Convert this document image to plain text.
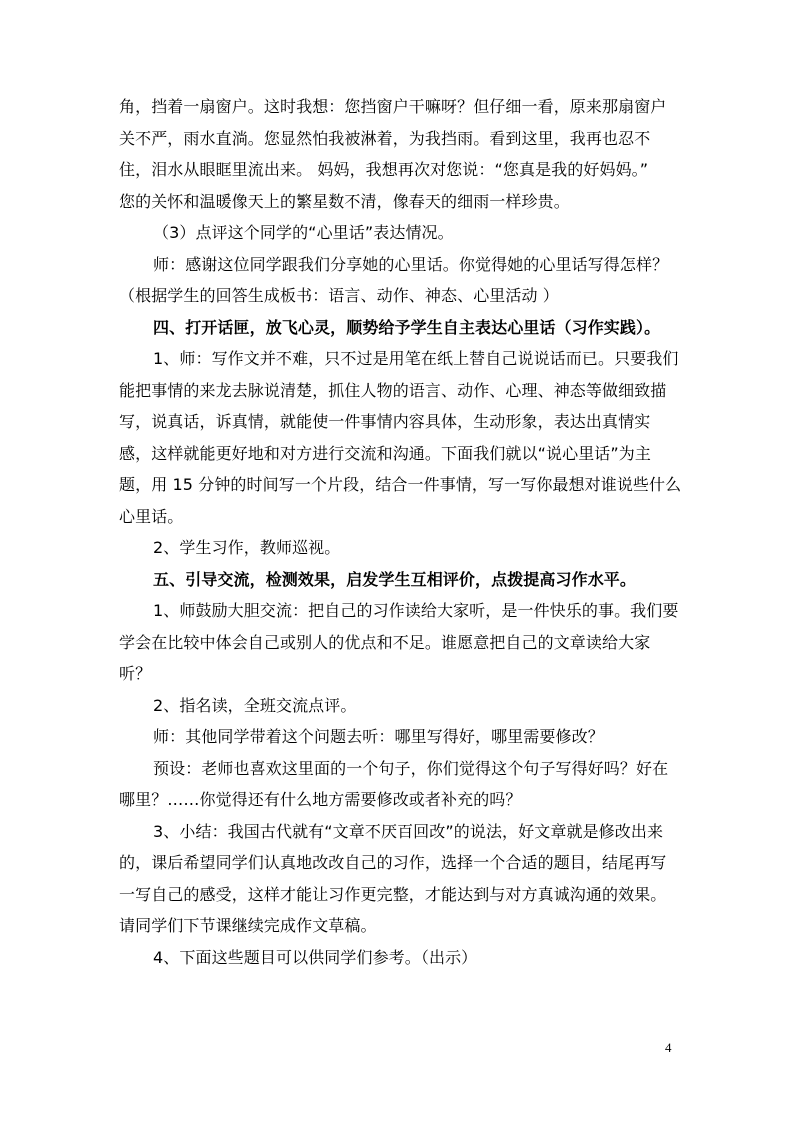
角，挡着一扇窗户。这时我想：您挡窗户干嘛呀？但仔细一看，原来那扇窗户
关不严，雨水直淌。您显然怕我被淋着，为我挡雨。看到这里，我再也忍不
住，泪水从眼眶里流出来。 妈妈，我想再次对您说：“您真是我的好妈妈。”
您的关怀和温暖像天上的繁星数不清，像春天的细雨一样珍贵。
（3）点评这个同学的“心里话”表达情况。
师：感谢这位同学跟我们分享她的心里话。你觉得她的心里话写得怎样？
（根据学生的回答生成板书：语言、动作、神态、心里活动 ）
四、打开话匣，放飞心灵，顺势给予学生自主表达心里话（习作实践）。
1、师：写作文并不难，只不过是用笔在纸上替自己说说话而已。只要我们
能把事情的来龙去脉说清楚，抓住人物的语言、动作、心理、神态等做细致描
写，说真话，诉真情，就能使一件事情内容具体，生动形象，表达出真情实
感，这样就能更好地和对方进行交流和沟通。下面我们就以“说心里话”为主
题，用 15 分钟的时间写一个片段，结合一件事情，写一写你最想对谁说些什么
心里话。
2、学生习作，教师巡视。
五、引导交流，检测效果，启发学生互相评价，点拨提高习作水平。
1、师鼓励大胆交流：把自己的习作读给大家听，是一件快乐的事。我们要
学会在比较中体会自己或别人的优点和不足。谁愿意把自己的文章读给大家
听？
2、指名读，全班交流点评。
师：其他同学带着这个问题去听：哪里写得好，哪里需要修改？
预设：老师也喜欢这里面的一个句子，你们觉得这个句子写得好吗？好在
哪里？……你觉得还有什么地方需要修改或者补充的吗？
3、小结：我国古代就有“文章不厌百回改”的说法，好文章就是修改出来
的，课后希望同学们认真地改改自己的习作，选择一个合适的题目，结尾再写
一写自己的感受，这样才能让习作更完整，才能达到与对方真诚沟通的效果。
请同学们下节课继续完成作文草稿。
4、下面这些题目可以供同学们参考。（出示）
4
